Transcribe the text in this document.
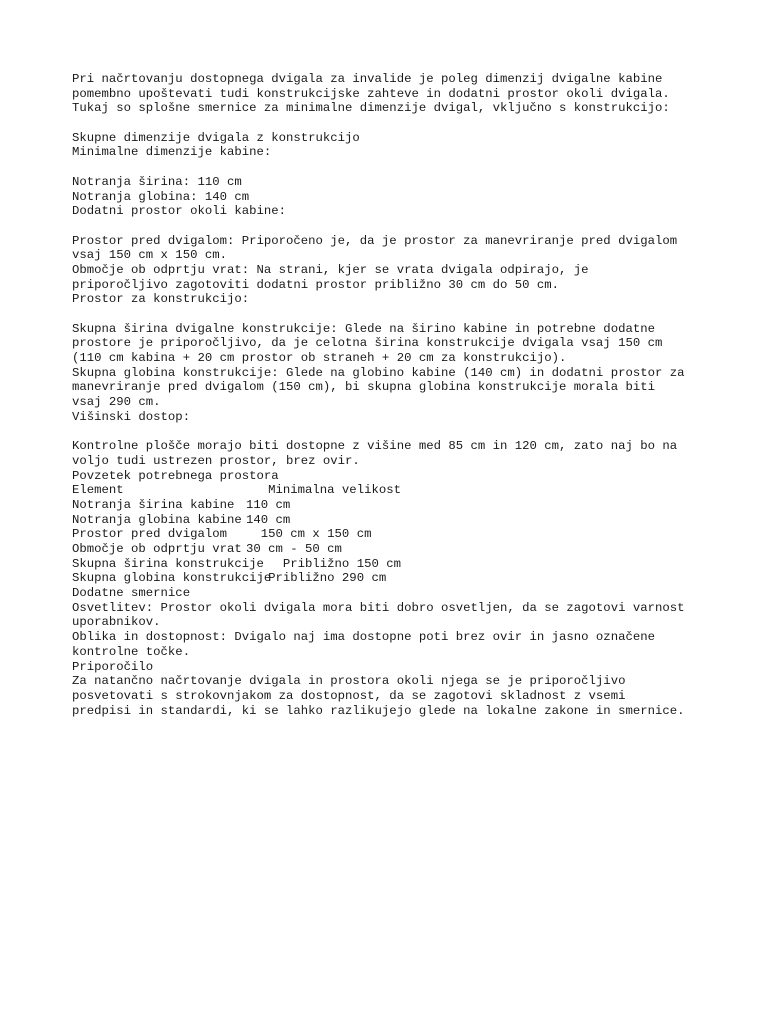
Pri načrtovanju dostopnega dvigala za invalide je poleg dimenzij dvigalne kabine
pomembno upoštevati tudi konstrukcijske zahteve in dodatni prostor okoli dvigala.
Tukaj so splošne smernice za minimalne dimenzije dvigal, vključno s konstrukcijo:
Skupne dimenzije dvigala z konstrukcijo
Minimalne dimenzije kabine:
Notranja širina: 110 cm
Notranja globina: 140 cm
Dodatni prostor okoli kabine:
Prostor pred dvigalom: Priporočeno je, da je prostor za manevriranje pred dvigalom
vsaj 150 cm x 150 cm.
Območje ob odprtju vrat: Na strani, kjer se vrata dvigala odpirajo, je
priporočljivo zagotoviti dodatni prostor približno 30 cm do 50 cm.
Prostor za konstrukcijo:
Skupna širina dvigalne konstrukcije: Glede na širino kabine in potrebne dodatne
prostore je priporočljivo, da je celotna širina konstrukcije dvigala vsaj 150 cm
(110 cm kabina + 20 cm prostor ob straneh + 20 cm za konstrukcijo).
Skupna globina konstrukcije: Glede na globino kabine (140 cm) in dodatni prostor za
manevriranje pred dvigalom (150 cm), bi skupna globina konstrukcije morala biti
vsaj 290 cm.
Višinski dostop:
Kontrolne plošče morajo biti dostopne z višine med 85 cm in 120 cm, zato naj bo na
voljo tudi ustrezen prostor, brez ovir.
Povzetek potrebnega prostora
Element	Minimalna velikost
Notranja širina kabine 110 cm
Notranja globina kabine 140 cm
Prostor pred dvigalom	150 cm x 150 cm
Območje ob odprtju vrat 30 cm - 50 cm
Skupna širina konstrukcije
Približno 150 cm
Skupna globina konstrukcije
Približno 290 cm
Dodatne smernice
Osvetlitev: Prostor okoli dvigala mora biti dobro osvetljen, da se zagotovi varnost
uporabnikov.
Oblika in dostopnost: Dvigalo naj ima dostopne poti brez ovir in jasno označene
kontrolne točke.
Priporočilo
Za natančno načrtovanje dvigala in prostora okoli njega se je priporočljivo
posvetovati s strokovnjakom za dostopnost, da se zagotovi skladnost z vsemi
predpisi in standardi, ki se lahko razlikujejo glede na lokalne zakone in smernice.
